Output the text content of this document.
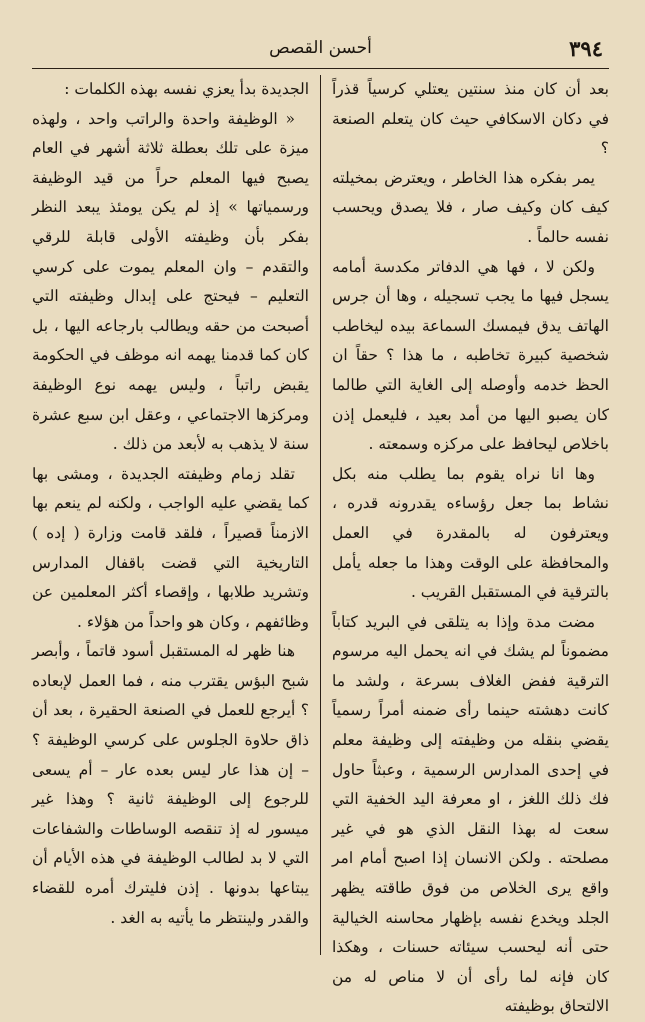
٣٩٤
أحسن القصص

بعد أن كان منذ سنتين يعتلي كرسياً قذراً في دكان الاسكافي حيث كان يتعلم الصنعة ؟

يمر بفكره هذا الخاطر ، ويعترض بمخيلته كيف كان وكيف صار ، فلا يصدق ويحسب نفسه حالماً .

ولكن لا ، فها هي الدفاتر مكدسة أمامه يسجل فيها ما يجب تسجيله ، وها أن جرس الهاتف يدق فيمسك السماعة بيده ليخاطب شخصية كبيرة تخاطبه ، ما هذا ؟ حقاً ان الحظ خدمه وأوصله إلى الغاية التي طالما كان يصبو اليها من أمد بعيد ، فليعمل إذن باخلاص ليحافظ على مركزه وسمعته .

وها انا نراه يقوم بما يطلب منه بكل نشاط بما جعل رؤساءه يقدرونه قدره ، ويعترفون له بالمقدرة في العمل والمحافظة على الوقت وهذا ما جعله يأمل بالترقية في المستقبل القريب .

مضت مدة وإذا به يتلقى في البريد كتاباً مضموناً لم يشك في انه يحمل اليه مرسوم الترقية ففض الغلاف بسرعة ، ولشد ما كانت دهشته حينما رأى ضمنه أمراً رسمياً يقضي بنقله من وظيفته إلى وظيفة معلم في إحدى المدارس الرسمية ، وعبثاً حاول فك ذلك اللغز ، او معرفة اليد الخفية التي سعت له بهذا النقل الذي هو في غير مصلحته . ولكن الانسان إذا اصبح أمام امر واقع يرى الخلاص من فوق طاقته يظهر الجلد ويخدع نفسه بإظهار محاسنه الخيالية حتى أنه ليحسب سيئاته حسنات ، وهكذا كان فإنه لما رأى أن لا مناص له من الالتحاق بوظيفته

الجديدة بدأ يعزي نفسه بهذه الكلمات :

« الوظيفة واحدة والراتب واحد ، ولهذه ميزة على تلك بعطلة ثلاثة أشهر في العام يصبح فيها المعلم حراً من قيد الوظيفة ورسمياتها » إذ لم يكن يومئذ يبعد النظر بفكر بأن وظيفته الأولى قابلة للرقي والتقدم – وان المعلم يموت على كرسي التعليم – فيحتج على إبدال وظيفته التي أصبحت من حقه ويطالب بارجاعه اليها ، بل كان كما قدمنا يهمه انه موظف في الحكومة يقبض راتباً ، وليس يهمه نوع الوظيفة ومركزها الاجتماعي ، وعقل ابن سبع عشرة سنة لا يذهب به لأبعد من ذلك .

تقلد زمام وظيفته الجديدة ، ومشى بها كما يقضي عليه الواجب ، ولكنه لم ينعم بها الازمناً قصيراً ، فلقد قامت وزارة ( إده ) التاريخية التي قضت باقفال المدارس وتشريد طلابها ، وإقصاء أكثر المعلمين عن وظائفهم ، وكان هو واحداً من هؤلاء .

هنا ظهر له المستقبل أسود قاتماً ، وأبصر شبح البؤس يقترب منه ، فما العمل لإبعاده ؟ أيرجع للعمل في الصنعة الحقيرة ، بعد أن ذاق حلاوة الجلوس على كرسي الوظيفة ؟ – إن هذا عار ليس بعده عار – أم يسعى للرجوع إلى الوظيفة ثانية ؟ وهذا غير ميسور له إذ تنقصه الوساطات والشفاعات التي لا بد لطالب الوظيفة في هذه الأيام أن يبتاعها بدونها . إذن فليترك أمره للقضاء والقدر ولينتظر ما يأتيه به الغد .
